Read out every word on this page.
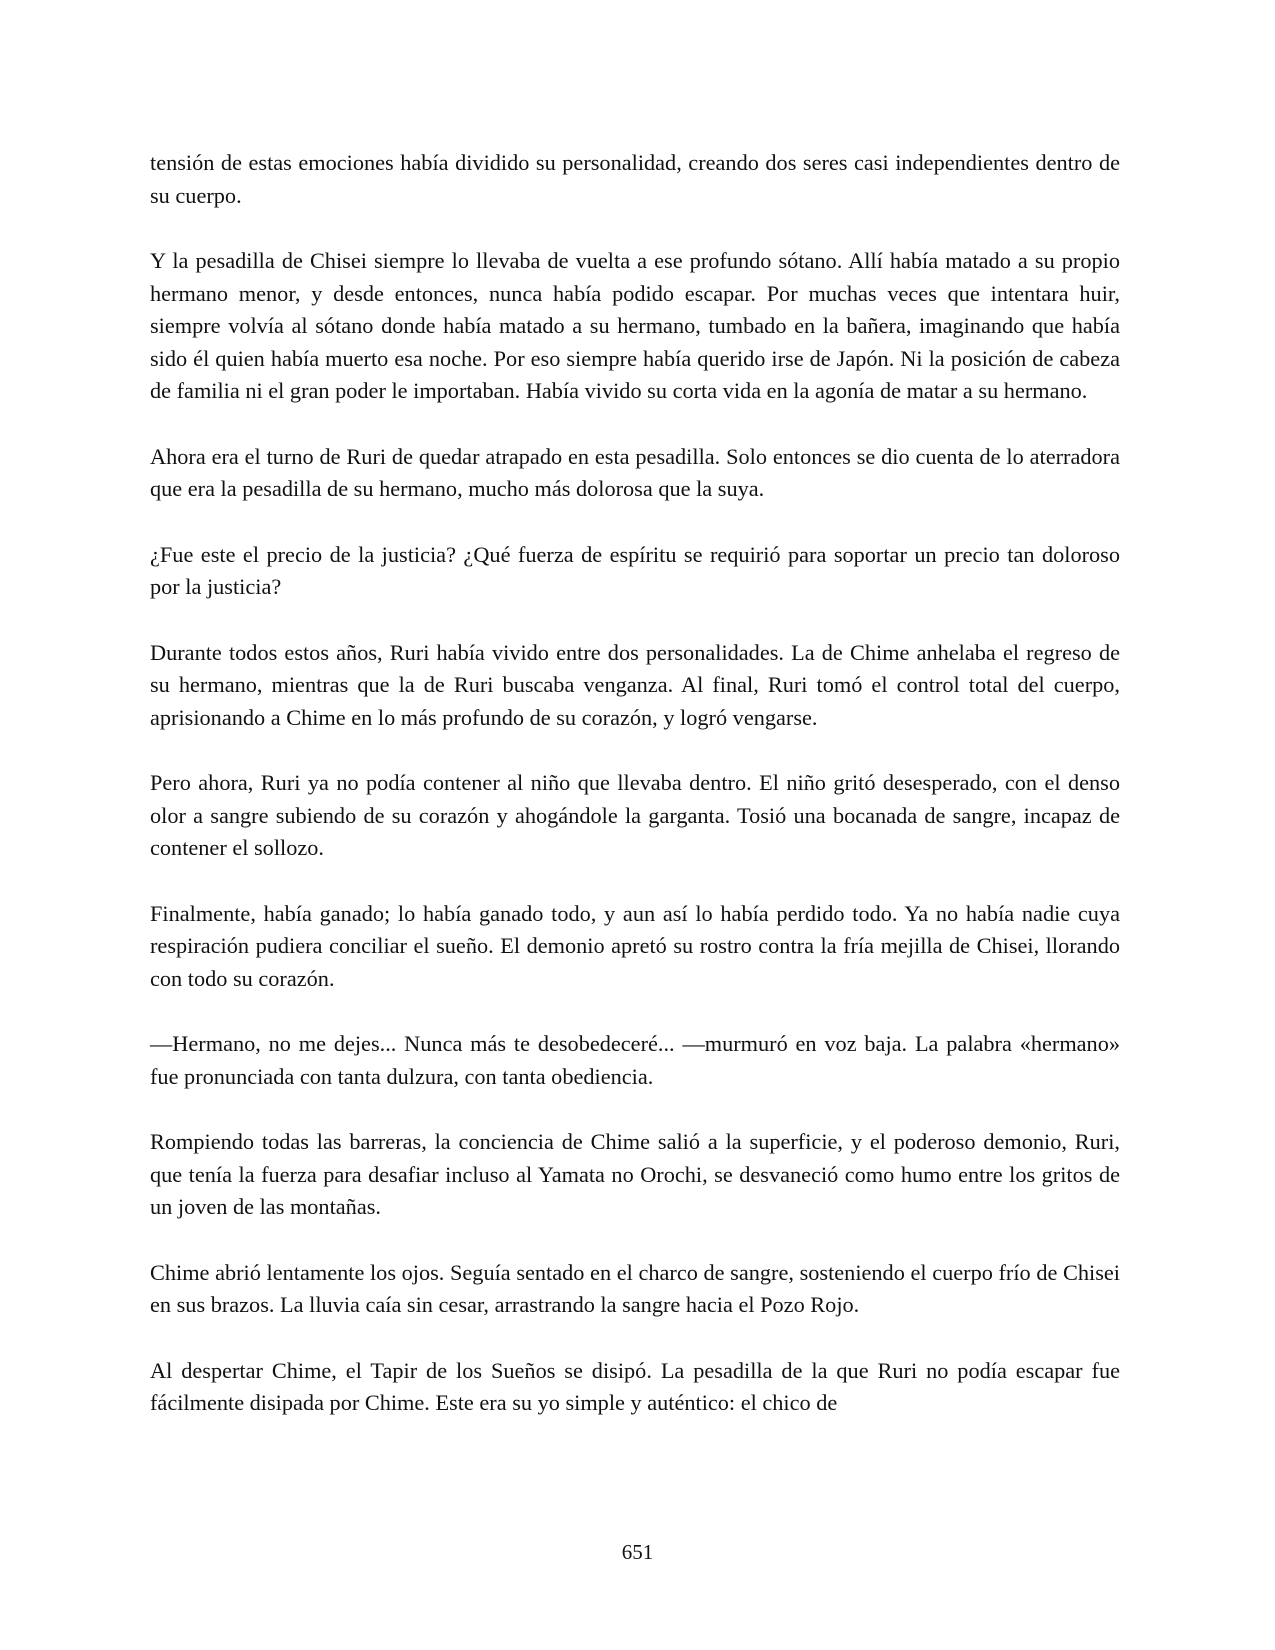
tensión de estas emociones había dividido su personalidad, creando dos seres casi independientes dentro de su cuerpo.

Y la pesadilla de Chisei siempre lo llevaba de vuelta a ese profundo sótano. Allí había matado a su propio hermano menor, y desde entonces, nunca había podido escapar. Por muchas veces que intentara huir, siempre volvía al sótano donde había matado a su hermano, tumbado en la bañera, imaginando que había sido él quien había muerto esa noche. Por eso siempre había querido irse de Japón. Ni la posición de cabeza de familia ni el gran poder le importaban. Había vivido su corta vida en la agonía de matar a su hermano.

Ahora era el turno de Ruri de quedar atrapado en esta pesadilla. Solo entonces se dio cuenta de lo aterradora que era la pesadilla de su hermano, mucho más dolorosa que la suya.

¿Fue este el precio de la justicia? ¿Qué fuerza de espíritu se requirió para soportar un precio tan doloroso por la justicia?

Durante todos estos años, Ruri había vivido entre dos personalidades. La de Chime anhelaba el regreso de su hermano, mientras que la de Ruri buscaba venganza. Al final, Ruri tomó el control total del cuerpo, aprisionando a Chime en lo más profundo de su corazón, y logró vengarse.

Pero ahora, Ruri ya no podía contener al niño que llevaba dentro. El niño gritó desesperado, con el denso olor a sangre subiendo de su corazón y ahogándole la garganta. Tosió una bocanada de sangre, incapaz de contener el sollozo.

Finalmente, había ganado; lo había ganado todo, y aun así lo había perdido todo. Ya no había nadie cuya respiración pudiera conciliar el sueño. El demonio apretó su rostro contra la fría mejilla de Chisei, llorando con todo su corazón.

—Hermano, no me dejes... Nunca más te desobedeceré... —murmuró en voz baja. La palabra «hermano» fue pronunciada con tanta dulzura, con tanta obediencia.

Rompiendo todas las barreras, la conciencia de Chime salió a la superficie, y el poderoso demonio, Ruri, que tenía la fuerza para desafiar incluso al Yamata no Orochi, se desvaneció como humo entre los gritos de un joven de las montañas.

Chime abrió lentamente los ojos. Seguía sentado en el charco de sangre, sosteniendo el cuerpo frío de Chisei en sus brazos. La lluvia caía sin cesar, arrastrando la sangre hacia el Pozo Rojo.

Al despertar Chime, el Tapir de los Sueños se disipó. La pesadilla de la que Ruri no podía escapar fue fácilmente disipada por Chime. Este era su yo simple y auténtico: el chico de

651
